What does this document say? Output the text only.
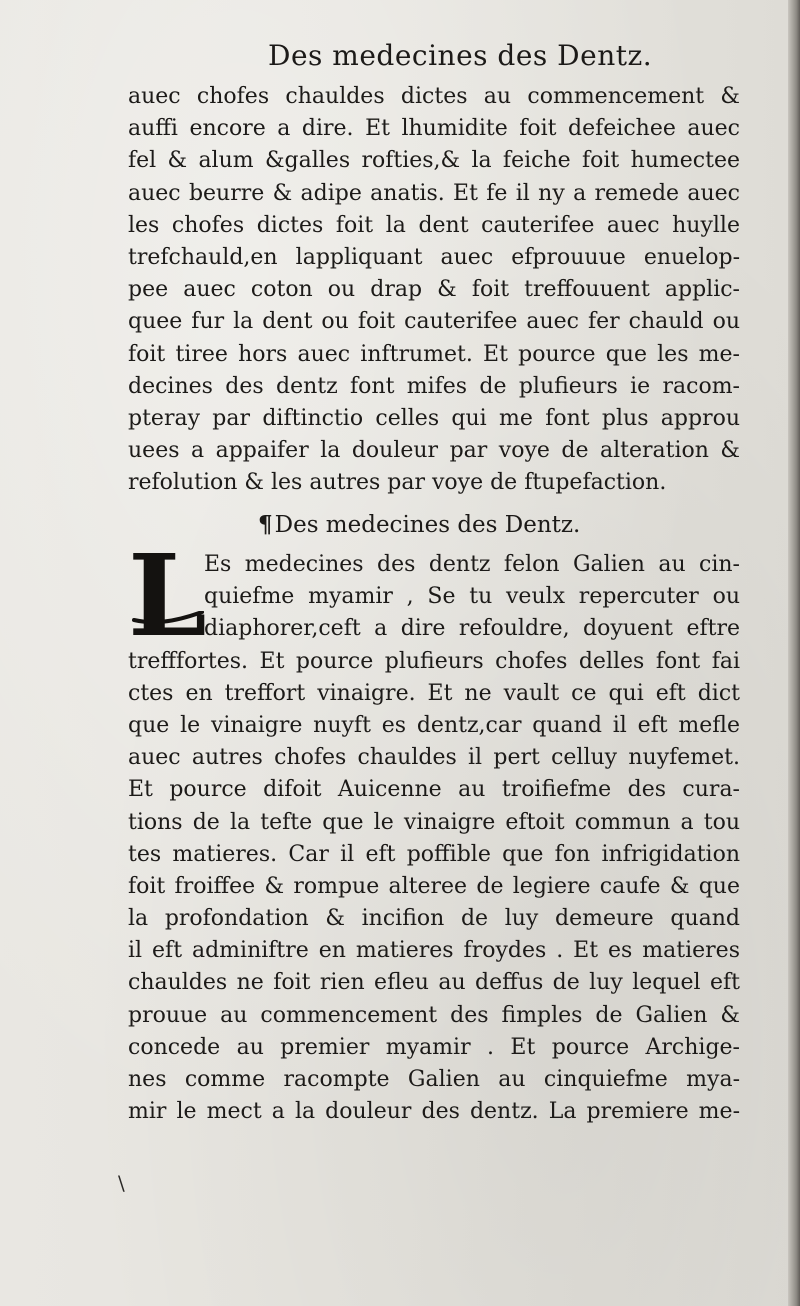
Des medecines des Dentz.
auec chofes chauldes dictes au commencement &
auffi encore a dire. Et lhumidite foit defeichee auec
fel & alum &galles rofties,& la feiche foit humectee
auec beurre & adipe anatis. Et fe il ny a remede auec
les chofes dictes foit la dent cauterifee auec huylle
trefchauld,en lappliquant auec efprouuue enuelop-
pee auec coton ou drap & foit treffouuent applic-
quee fur la dent ou foit cauterifee auec fer chauld ou
foit tiree hors auec inftrumet. Et pource que les me-
decines des dentz font mifes de plufieurs ie racom-
pteray par diftinctio celles qui me font plus approu
uees a appaifer la douleur par voye de alteration &
refolution & les autres par voye de ftupefaction.
¶Des medecines des Dentz.
L
Es medecines des dentz felon Galien au cin-
quiefme myamir , Se tu veulx repercuter ou
diaphorer,ceft a dire refouldre, doyuent eftre
trefffortes. Et pource plufieurs chofes delles font fai
ctes en treffort vinaigre. Et ne vault ce qui eft dict
que le vinaigre nuyft es dentz,car quand il eft mefle
auec autres chofes chauldes il pert celluy nuyfemet.
Et pource difoit Auicenne au troifiefme des cura-
tions de la tefte que le vinaigre eftoit commun a tou
tes matieres. Car il eft poffible que fon infrigidation
foit froiffee & rompue alteree de legiere caufe & que
la profondation & incifion de luy demeure quand
il eft adminiftre en matieres froydes . Et es matieres
chauldes ne foit rien efleu au deffus de luy lequel eft
prouue au commencement des fimples de Galien &
concede au premier myamir . Et pource Archige-
nes comme racompte Galien au cinquiefme mya-
mir le mect a la douleur des dentz. La premiere me-
\
